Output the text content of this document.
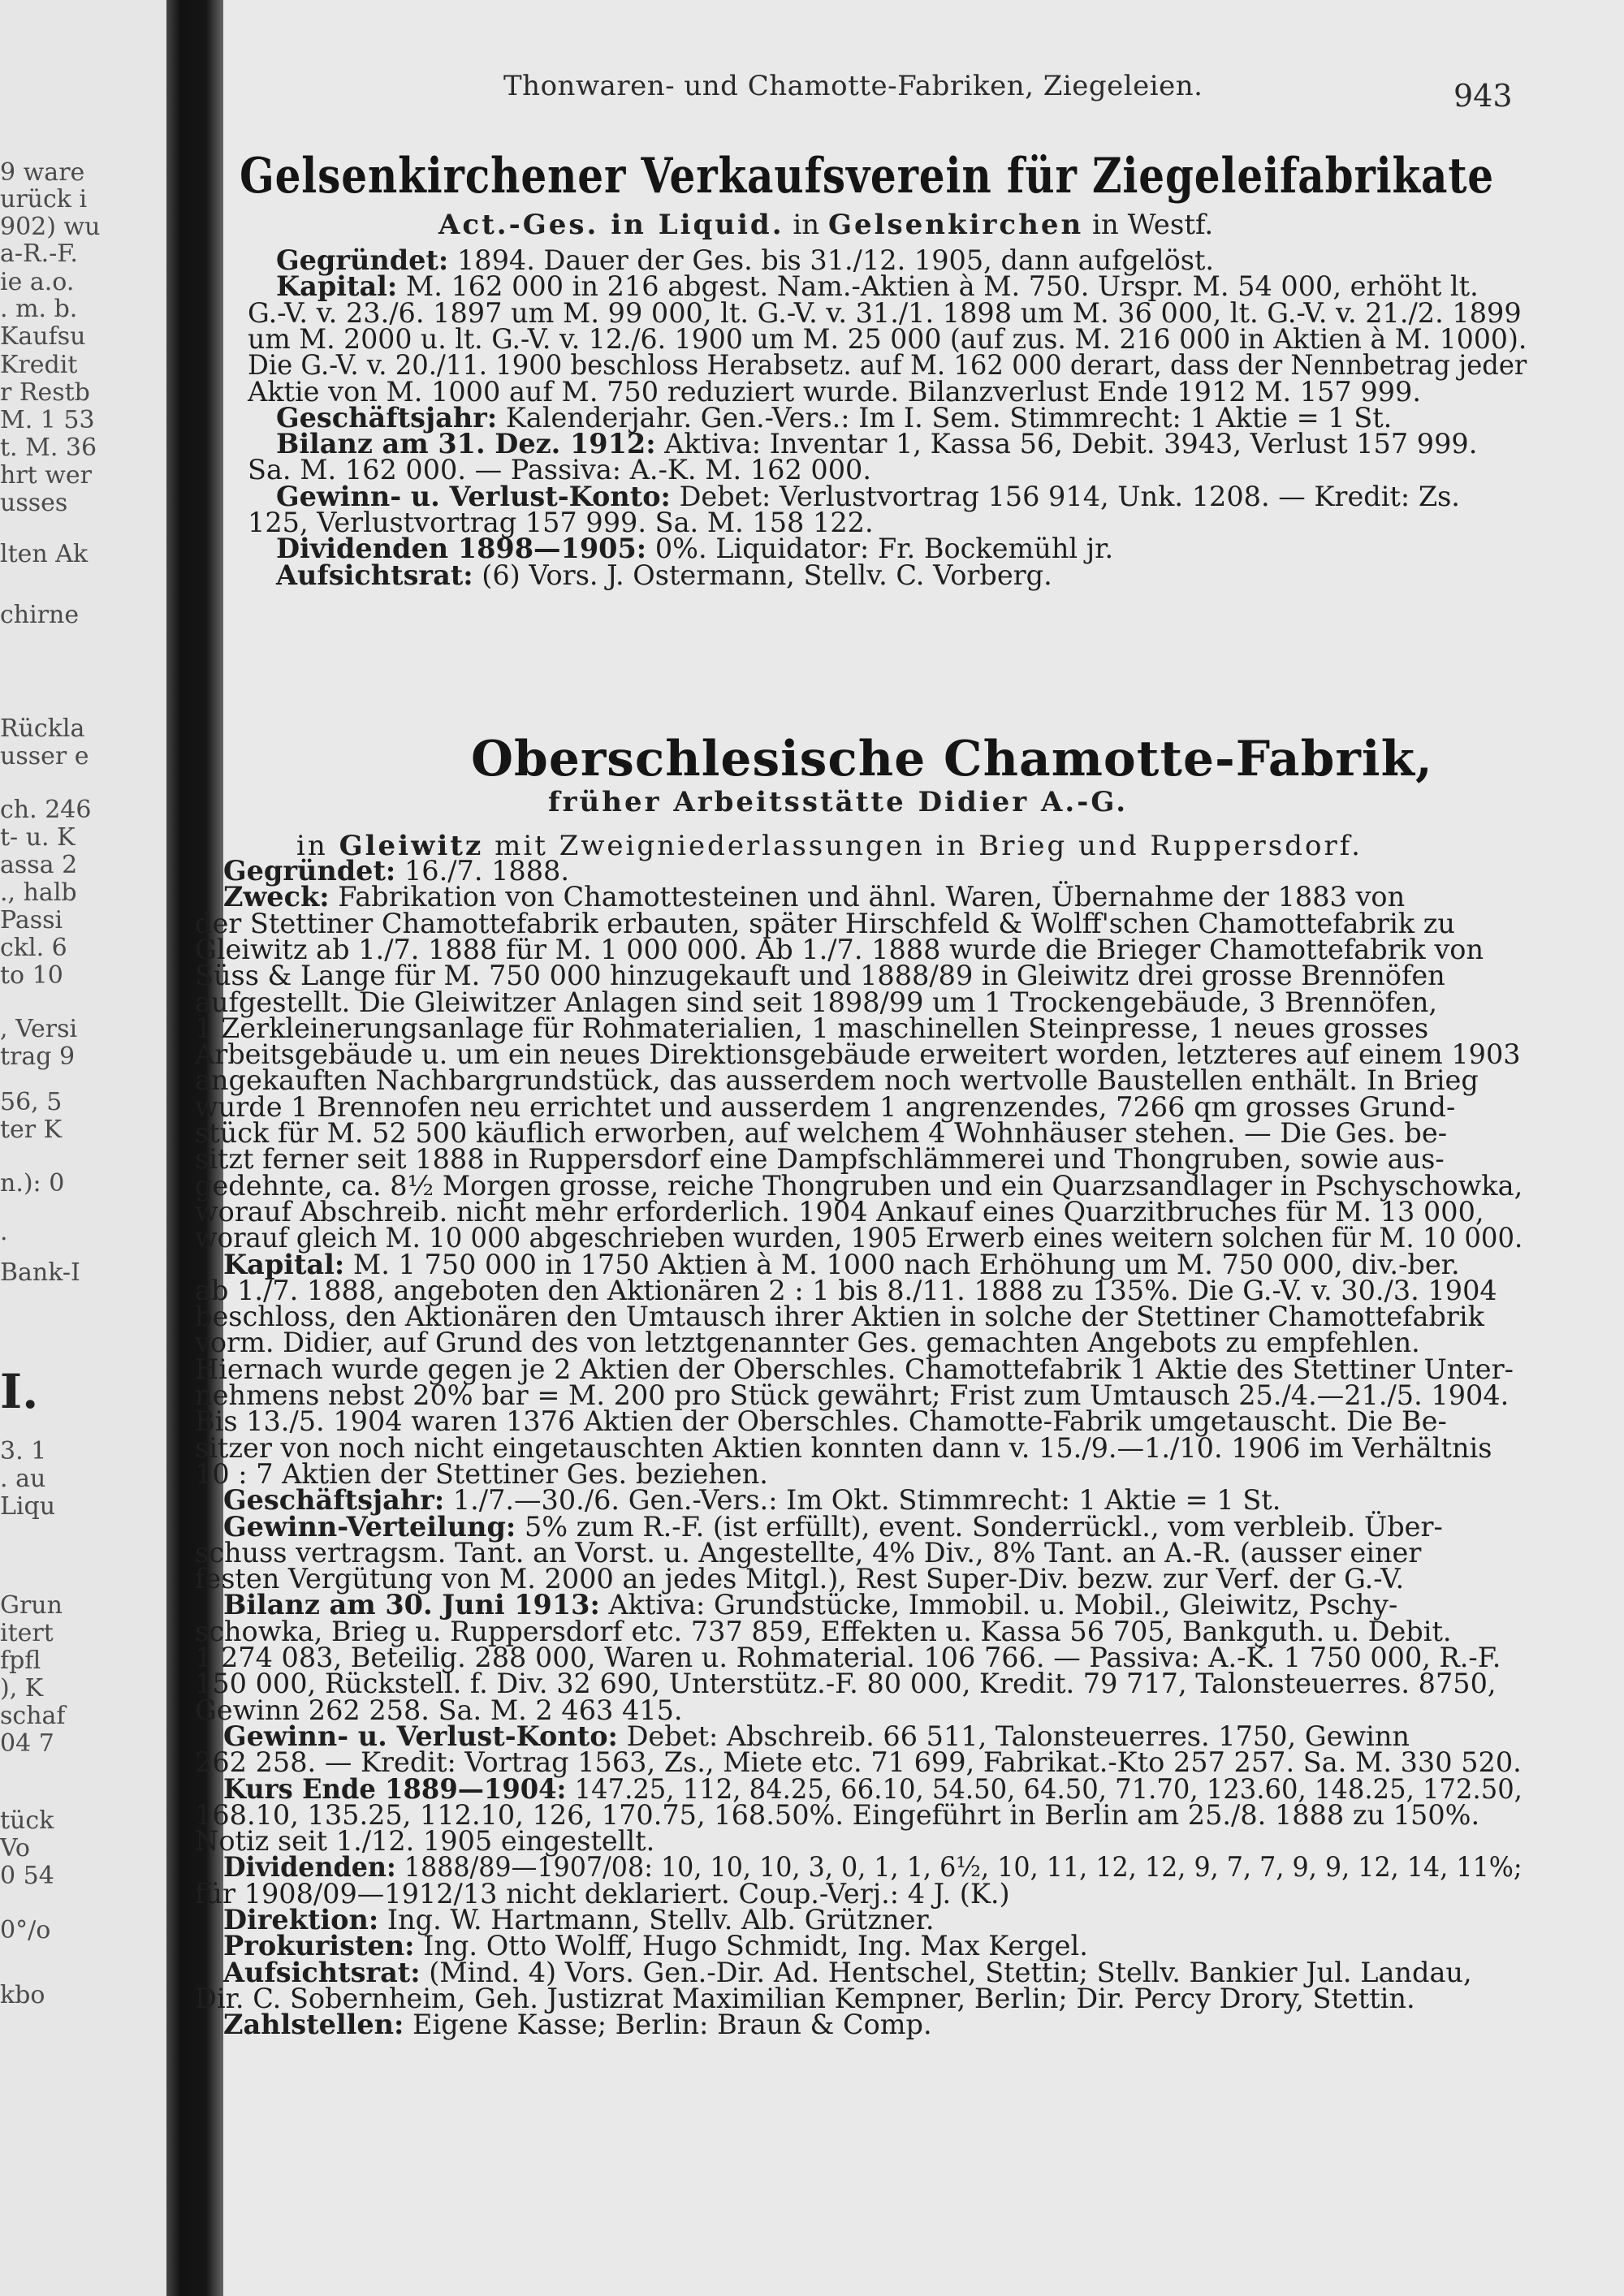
9 ware
urück i
902) wu
a-R.-F.
ie a.o.
. m. b.
Kaufsu
Kredit
r Restb
M. 1 53
t. M. 36
hrt wer
usses
lten Ak
chirne
Rückla
usser e
ch. 246
t- u. K
assa 2
., halb
Passi
ckl. 6
to 10
, Versi
trag 9
56, 5
ter K
n.): 0
.
Bank-I
I.
3. 1
. au
Liqu
Grun
itert
fpfl
), K
schaf
04 7
tück
Vo
0 54
0°/o
kbo
Thonwaren- und Chamotte-Fabriken, Ziegeleien.	943
Gelsenkirchener Verkaufsverein für Ziegeleifabrikate
Act.-Ges. in Liquid. in Gelsenkirchen in Westf.
Gegründet: 1894. Dauer der Ges. bis 31./12. 1905, dann aufgelöst.
Kapital: M. 162 000 in 216 abgest. Nam.-Aktien à M. 750. Urspr. M. 54 000, erhöht lt.
G.-V. v. 23./6. 1897 um M. 99 000, lt. G.-V. v. 31./1. 1898 um M. 36 000, lt. G.-V. v. 21./2. 1899
um M. 2000 u. lt. G.-V. v. 12./6. 1900 um M. 25 000 (auf zus. M. 216 000 in Aktien à M. 1000).
Die G.-V. v. 20./11. 1900 beschloss Herabsetz. auf M. 162 000 derart, dass der Nennbetrag jeder
Aktie von M. 1000 auf M. 750 reduziert wurde. Bilanzverlust Ende 1912 M. 157 999.
Geschäftsjahr: Kalenderjahr. Gen.-Vers.: Im I. Sem. Stimmrecht: 1 Aktie = 1 St.
Bilanz am 31. Dez. 1912: Aktiva: Inventar 1, Kassa 56, Debit. 3943, Verlust 157 999.
Sa. M. 162 000. — Passiva: A.-K. M. 162 000.
Gewinn- u. Verlust-Konto: Debet: Verlustvortrag 156 914, Unk. 1208. — Kredit: Zs.
125, Verlustvortrag 157 999. Sa. M. 158 122.
Dividenden 1898—1905: 0%. Liquidator: Fr. Bockemühl jr.
Aufsichtsrat: (6) Vors. J. Ostermann, Stellv. C. Vorberg.
Oberschlesische Chamotte-Fabrik,
früher Arbeitsstätte Didier A.-G.
in Gleiwitz mit Zweigniederlassungen in Brieg und Ruppersdorf.
Gegründet: 16./7. 1888.
Zweck: Fabrikation von Chamottesteinen und ähnl. Waren, Übernahme der 1883 von
der Stettiner Chamottefabrik erbauten, später Hirschfeld & Wolff'schen Chamottefabrik zu
Gleiwitz ab 1./7. 1888 für M. 1 000 000. Ab 1./7. 1888 wurde die Brieger Chamottefabrik von
Süss & Lange für M. 750 000 hinzugekauft und 1888/89 in Gleiwitz drei grosse Brennöfen
aufgestellt. Die Gleiwitzer Anlagen sind seit 1898/99 um 1 Trockengebäude, 3 Brennöfen,
1 Zerkleinerungsanlage für Rohmaterialien, 1 maschinellen Steinpresse, 1 neues grosses
Arbeitsgebäude u. um ein neues Direktionsgebäude erweitert worden, letzteres auf einem 1903
angekauften Nachbargrundstück, das ausserdem noch wertvolle Baustellen enthält. In Brieg
wurde 1 Brennofen neu errichtet und ausserdem 1 angrenzendes, 7266 qm grosses Grund-
stück für M. 52 500 käuflich erworben, auf welchem 4 Wohnhäuser stehen. — Die Ges. be-
sitzt ferner seit 1888 in Ruppersdorf eine Dampfschlämmerei und Thongruben, sowie aus-
gedehnte, ca. 8½ Morgen grosse, reiche Thongruben und ein Quarzsandlager in Pschyschowka,
worauf Abschreib. nicht mehr erforderlich. 1904 Ankauf eines Quarzitbruches für M. 13 000,
worauf gleich M. 10 000 abgeschrieben wurden, 1905 Erwerb eines weitern solchen für M. 10 000.
Kapital: M. 1 750 000 in 1750 Aktien à M. 1000 nach Erhöhung um M. 750 000, div.-ber.
ab 1./7. 1888, angeboten den Aktionären 2 : 1 bis 8./11. 1888 zu 135%. Die G.-V. v. 30./3. 1904
beschloss, den Aktionären den Umtausch ihrer Aktien in solche der Stettiner Chamottefabrik
vorm. Didier, auf Grund des von letztgenannter Ges. gemachten Angebots zu empfehlen.
Hiernach wurde gegen je 2 Aktien der Oberschles. Chamottefabrik 1 Aktie des Stettiner Unter-
nehmens nebst 20% bar = M. 200 pro Stück gewährt; Frist zum Umtausch 25./4.—21./5. 1904.
Bis 13./5. 1904 waren 1376 Aktien der Oberschles. Chamotte-Fabrik umgetauscht. Die Be-
sitzer von noch nicht eingetauschten Aktien konnten dann v. 15./9.—1./10. 1906 im Verhältnis
10 : 7 Aktien der Stettiner Ges. beziehen.
Geschäftsjahr: 1./7.—30./6. Gen.-Vers.: Im Okt. Stimmrecht: 1 Aktie = 1 St.
Gewinn-Verteilung: 5% zum R.-F. (ist erfüllt), event. Sonderrückl., vom verbleib. Über-
schuss vertragsm. Tant. an Vorst. u. Angestellte, 4% Div., 8% Tant. an A.-R. (ausser einer
festen Vergütung von M. 2000 an jedes Mitgl.), Rest Super-Div. bezw. zur Verf. der G.-V.
Bilanz am 30. Juni 1913: Aktiva: Grundstücke, Immobil. u. Mobil., Gleiwitz, Pschy-
schowka, Brieg u. Ruppersdorf etc. 737 859, Effekten u. Kassa 56 705, Bankguth. u. Debit.
1 274 083, Beteilig. 288 000, Waren u. Rohmaterial. 106 766. — Passiva: A.-K. 1 750 000, R.-F.
150 000, Rückstell. f. Div. 32 690, Unterstütz.-F. 80 000, Kredit. 79 717, Talonsteuerres. 8750,
Gewinn 262 258. Sa. M. 2 463 415.
Gewinn- u. Verlust-Konto: Debet: Abschreib. 66 511, Talonsteuerres. 1750, Gewinn
262 258. — Kredit: Vortrag 1563, Zs., Miete etc. 71 699, Fabrikat.-Kto 257 257. Sa. M. 330 520.
Kurs Ende 1889—1904: 147.25, 112, 84.25, 66.10, 54.50, 64.50, 71.70, 123.60, 148.25, 172.50,
168.10, 135.25, 112.10, 126, 170.75, 168.50%. Eingeführt in Berlin am 25./8. 1888 zu 150%.
Notiz seit 1./12. 1905 eingestellt.
Dividenden: 1888/89—1907/08: 10, 10, 10, 3, 0, 1, 1, 6½, 10, 11, 12, 12, 9, 7, 7, 9, 9, 12, 14, 11%;
für 1908/09—1912/13 nicht deklariert. Coup.-Verj.: 4 J. (K.)
Direktion: Ing. W. Hartmann, Stellv. Alb. Grützner.
Prokuristen: Ing. Otto Wolff, Hugo Schmidt, Ing. Max Kergel.
Aufsichtsrat: (Mind. 4) Vors. Gen.-Dir. Ad. Hentschel, Stettin; Stellv. Bankier Jul. Landau,
Dir. C. Sobernheim, Geh. Justizrat Maximilian Kempner, Berlin; Dir. Percy Drory, Stettin.
Zahlstellen: Eigene Kasse; Berlin: Braun & Comp.
